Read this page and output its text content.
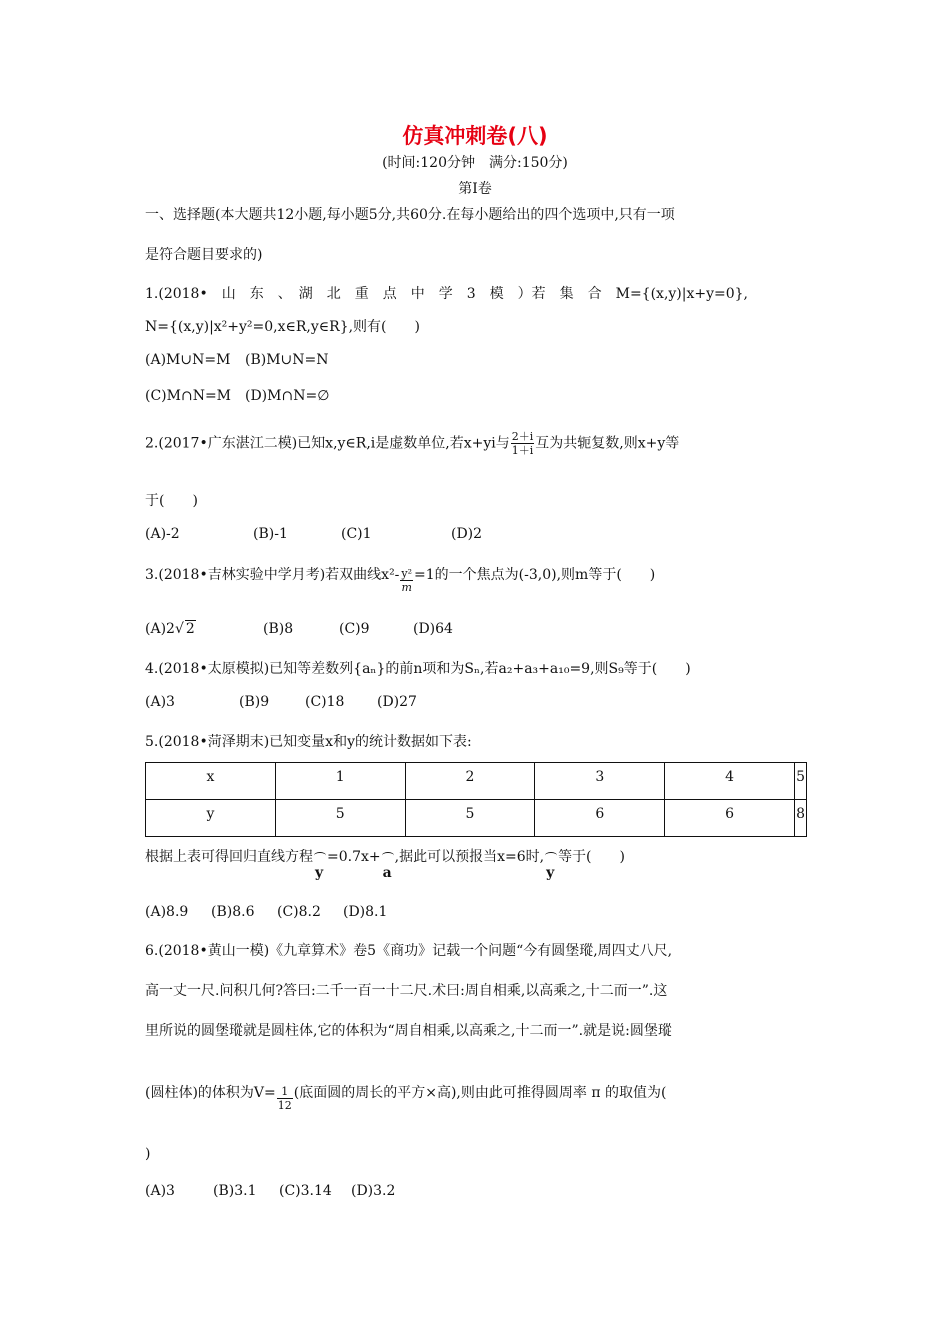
仿真冲刺卷(八)
(时间:120分钟　满分:150分)
第Ⅰ卷
一、选择题(本大题共12小题,每小题5分,共60分.在每小题给出的四个选项中,只有一项
是符合题目要求的)
1.(2018•　山　东　、　湖　北　重　点　中　学　3　模　）若　集　合　M={(x,y)|x+y=0},
N={(x,y)|x²+y²=0,x∈R,y∈R},则有(　　)
(A)M∪N=M (B)M∪N=N
(C)M∩N=M (D)M∩N=∅
2.(2017•广东湛江二模)已知x,y∈R,i是虚数单位,若x+yi与 $\frac{2+i}{1+i}$ 互为共轭复数,则x+y等
于(　　)
(A)-2	(B)-1	(C)1	(D)2
3.(2018•吉林实验中学月考)若双曲线$x^2- \frac{\text{y²}}{m} =1$的一个焦点为(-3,0),则m等于(　　)
(A)2√ 2	(B)8	(C)9	(D)64
4.(2018•太原模拟)已知等差数列{aₙ}的前n项和为Sₙ,若a₂+a₃+a₁₀=9,则S₉等于(　　)
(A)3	(B)9	(C)18 (D)27
5.(2018•菏泽期末)已知变量x和y的统计数据如下表:
x	1	2	3	4	5
y	5	5	6	6	8
根据上表可得回归直线方程
y
=0.7x+
a
,据此可以预报当x=6时,
y
等于(　　)
(A)8.9 (B)8.6 (C)8.2 (D)8.1
6.(2018•黄山一模)《九章算术》卷5《商功》记载一个问题“今有圆堡瑽,周四丈八尺,
高一丈一尺.问积几何?答曰:二千一百一十二尺.术曰:周自相乘,以高乘之,十二而一”.这
里所说的圆堡瑽就是圆柱体,它的体积为“周自相乘,以高乘之,十二而一”.就是说:圆堡瑽
(圆柱体)的体积为$V= \frac{1}{12}$ (底面圆的周长的平方×高),则由此可推得圆周率 π 的取值为(
)
(A)3	(B)3.1 (C)3.14 (D)3.2
